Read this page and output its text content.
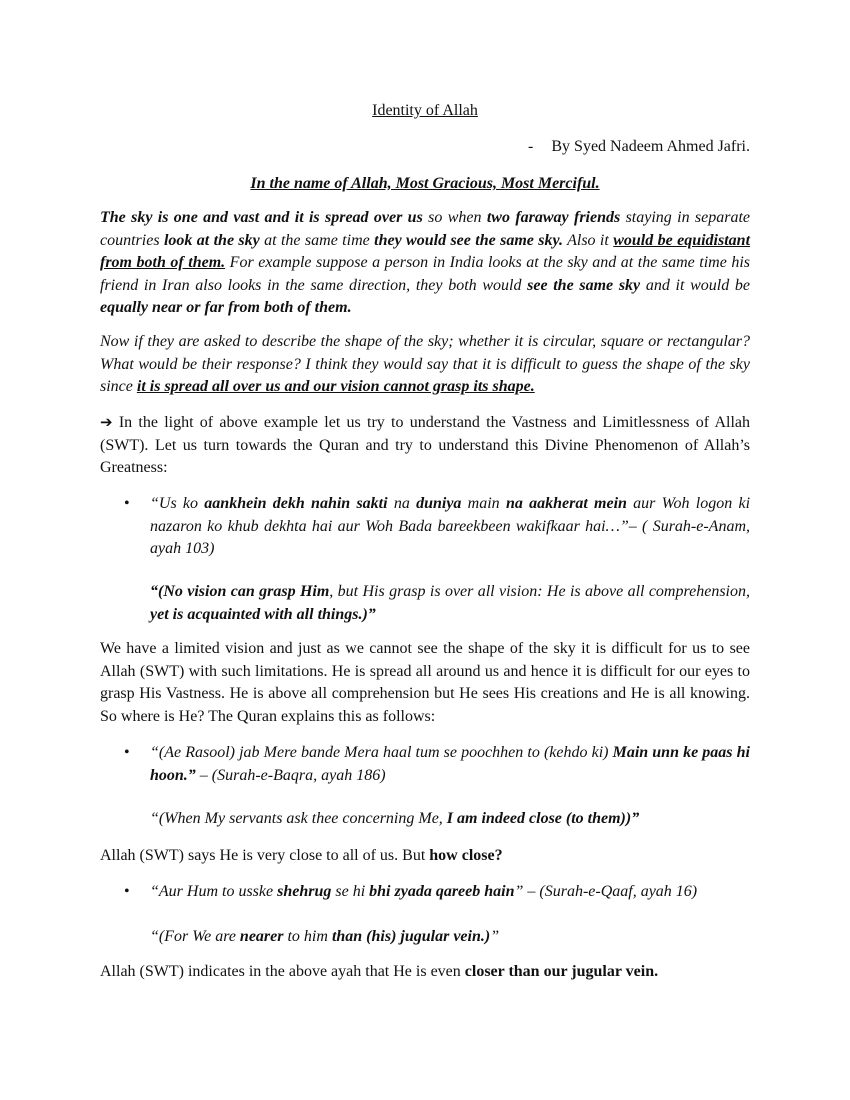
Identity of Allah
- By Syed Nadeem Ahmed Jafri.
In the name of Allah, Most Gracious, Most Merciful.

The sky is one and vast and it is spread over us so when two faraway friends staying in separate countries look at the sky at the same time they would see the same sky. Also it would be equidistant from both of them. For example suppose a person in India looks at the sky and at the same time his friend in Iran also looks in the same direction, they both would see the same sky and it would be equally near or far from both of them.

Now if they are asked to describe the shape of the sky; whether it is circular, square or rectangular? What would be their response? I think they would say that it is difficult to guess the shape of the sky since it is spread all over us and our vision cannot grasp its shape.

➔ In the light of above example let us try to understand the Vastness and Limitlessness of Allah (SWT). Let us turn towards the Quran and try to understand this Divine Phenomenon of Allah’s Greatness:

• “Us ko aankhein dekh nahin sakti na duniya main na aakherat mein aur Woh logon ki nazaron ko khub dekhta hai aur Woh Bada bareekbeen wakifkaar hai…”– ( Surah-e-Anam, ayah 103)
“(No vision can grasp Him, but His grasp is over all vision: He is above all comprehension, yet is acquainted with all things.)”

We have a limited vision and just as we cannot see the shape of the sky it is difficult for us to see Allah (SWT) with such limitations. He is spread all around us and hence it is difficult for our eyes to grasp His Vastness. He is above all comprehension but He sees His creations and He is all knowing. So where is He? The Quran explains this as follows:

• “(Ae Rasool) jab Mere bande Mera haal tum se poochhen to (kehdo ki) Main unn ke paas hi hoon.” – (Surah-e-Baqra, ayah 186)
“(When My servants ask thee concerning Me, I am indeed close (to them))”

Allah (SWT) says He is very close to all of us. But how close?

• “Aur Hum to usske shehrug se hi bhi zyada qareeb hain” – (Surah-e-Qaaf, ayah 16)
“(For We are nearer to him than (his) jugular vein.)”

Allah (SWT) indicates in the above ayah that He is even closer than our jugular vein.
